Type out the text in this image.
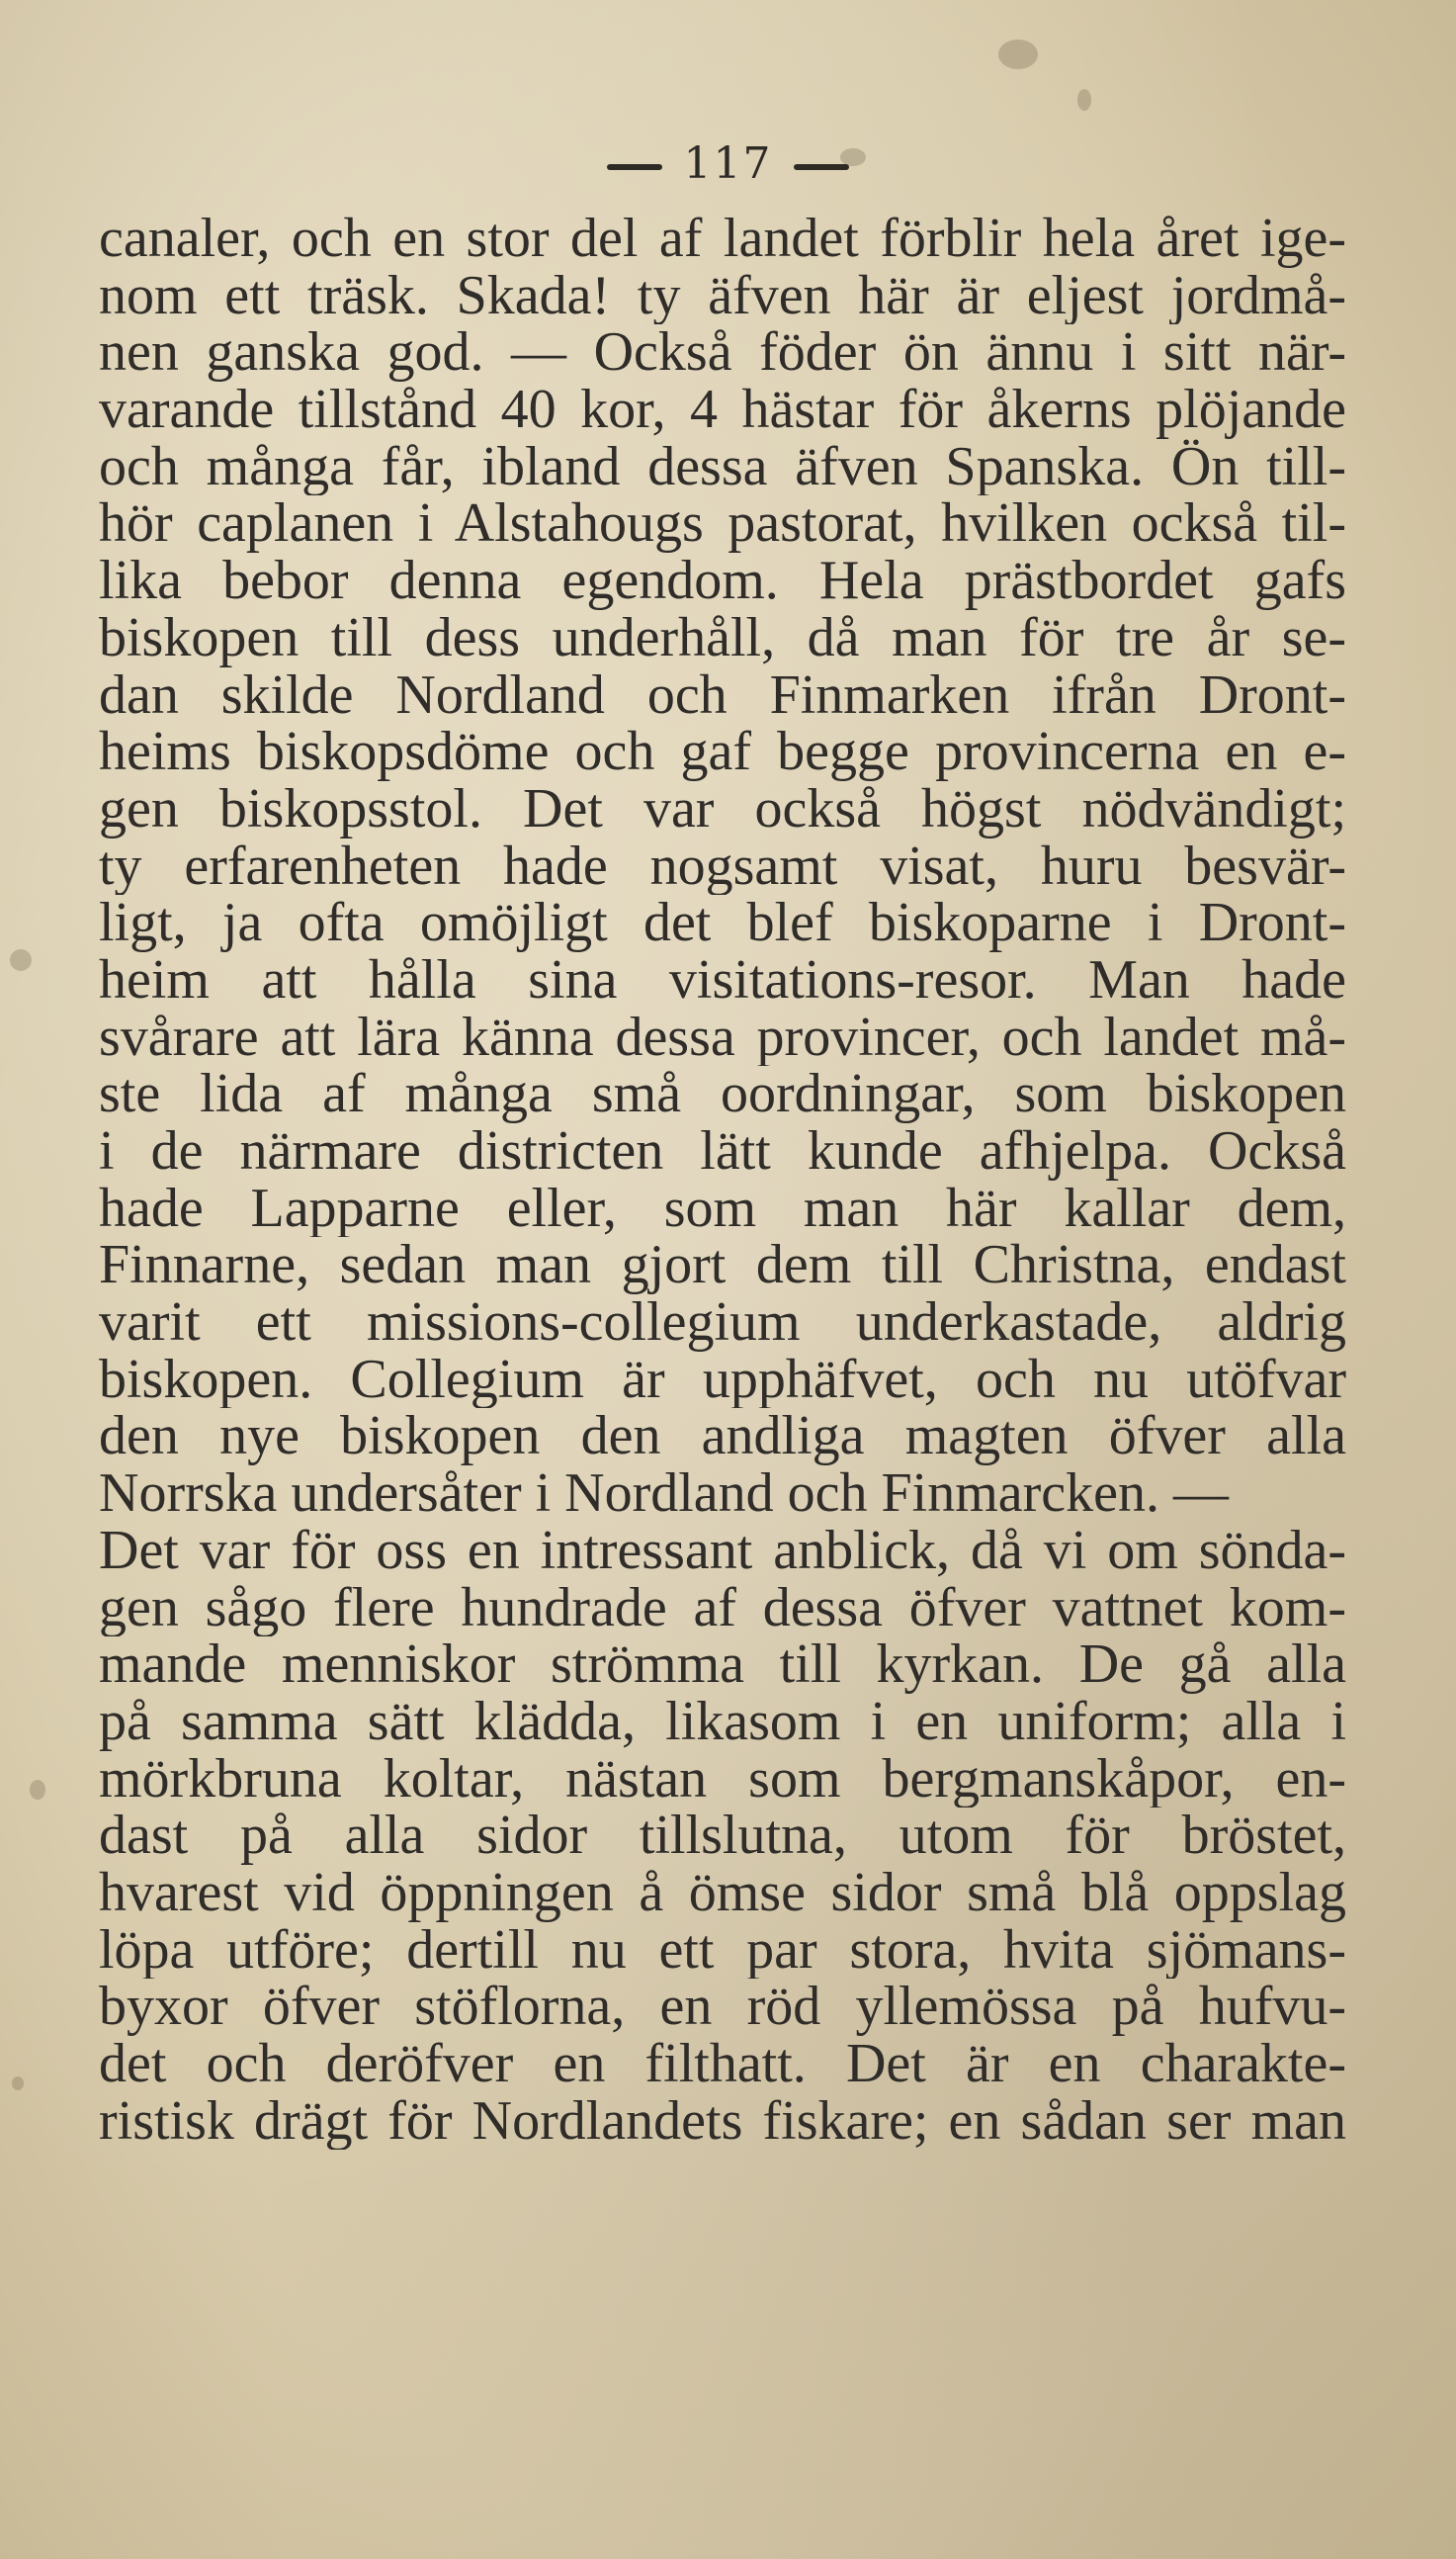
117
canaler, och en stor del af landet förblir hela året ige-
nom ett träsk. Skada! ty äfven här är eljest jordmå-
nen ganska god. — Också föder ön ännu i sitt när-
varande tillstånd 40 kor, 4 hästar för åkerns plöjande
och många får, ibland dessa äfven Spanska. Ön till-
hör caplanen i Alstahougs pastorat, hvilken också til-
lika bebor denna egendom. Hela prästbordet gafs
biskopen till dess underhåll, då man för tre år se-
dan skilde Nordland och Finmarken ifrån Dront-
heims biskopsdöme och gaf begge provincerna en e-
gen biskopsstol. Det var också högst nödvändigt;
ty erfarenheten hade nogsamt visat, huru besvär-
ligt, ja ofta omöjligt det blef biskoparne i Dront-
heim att hålla sina visitations-resor. Man hade
svårare att lära känna dessa provincer, och landet må-
ste lida af många små oordningar, som biskopen
i de närmare districten lätt kunde afhjelpa. Också
hade Lapparne eller, som man här kallar dem,
Finnarne, sedan man gjort dem till Christna, endast
varit ett missions-collegium underkastade, aldrig
biskopen. Collegium är upphäfvet, och nu utöfvar
den nye biskopen den andliga magten öfver alla
Norrska undersåter i Nordland och Finmarcken. —
Det var för oss en intressant anblick, då vi om sönda-
gen sågo flere hundrade af dessa öfver vattnet kom-
mande menniskor strömma till kyrkan. De gå alla
på samma sätt klädda, likasom i en uniform; alla i
mörkbruna koltar, nästan som bergmanskåpor, en-
dast på alla sidor tillslutna, utom för bröstet,
hvarest vid öppningen å ömse sidor små blå oppslag
löpa utföre; dertill nu ett par stora, hvita sjömans-
byxor öfver stöflorna, en röd yllemössa på hufvu-
det och deröfver en filthatt. Det är en charakte-
ristisk drägt för Nordlandets fiskare; en sådan ser man
